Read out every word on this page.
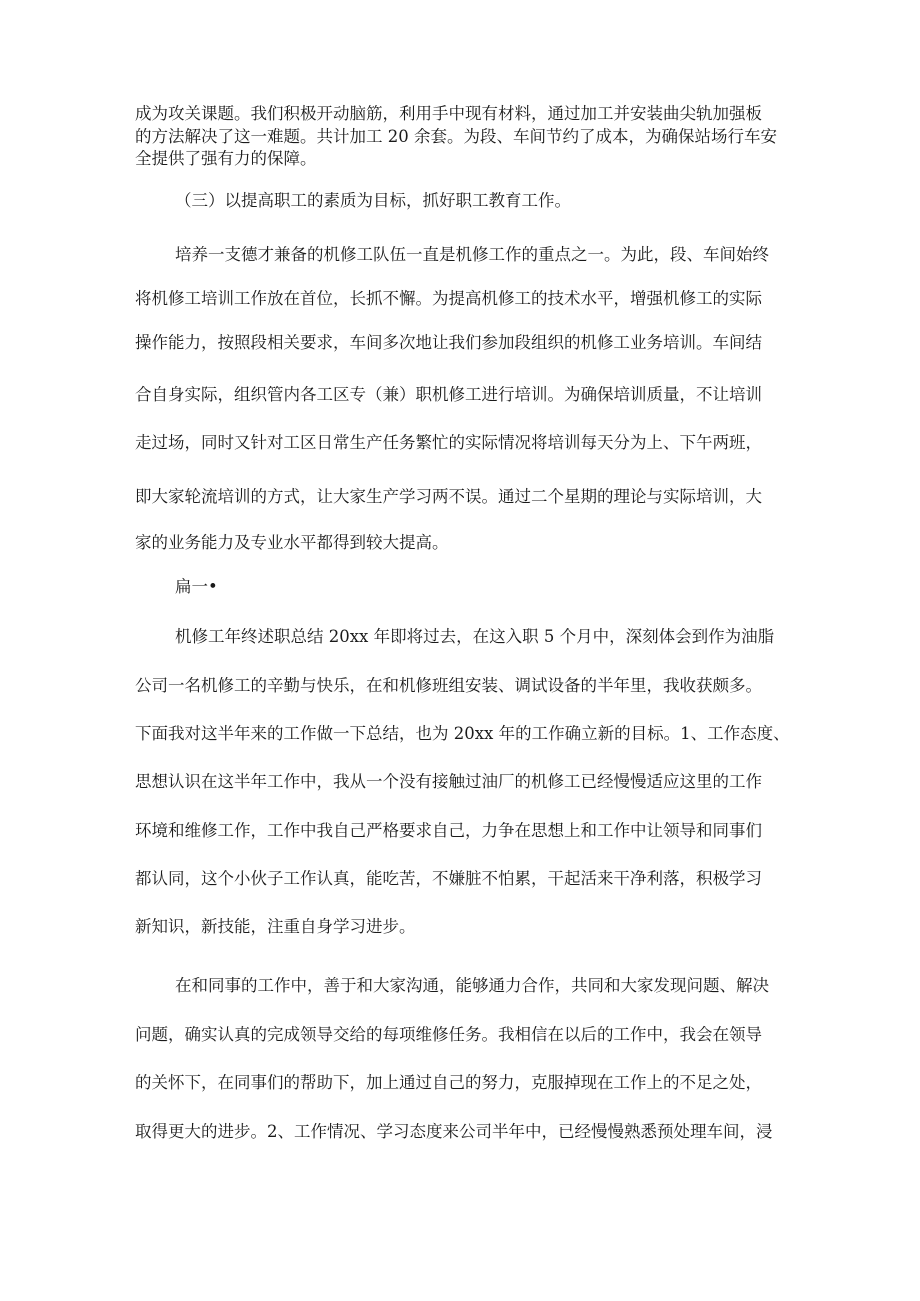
成为攻关课题。我们积极开动脑筋，利用手中现有材料，通过加工并安装曲尖轨加强板
的方法解决了这一难题。共计加工 20 余套。为段、车间节约了成本，为确保站场行车安
全提供了强有力的保障。
（三）以提高职工的素质为目标，抓好职工教育工作。
培养一支德才兼备的机修工队伍一直是机修工作的重点之一。为此，段、车间始终
将机修工培训工作放在首位，长抓不懈。为提高机修工的技术水平，增强机修工的实际
操作能力，按照段相关要求，车间多次地让我们参加段组织的机修工业务培训。车间结
合自身实际，组织管内各工区专（兼）职机修工进行培训。为确保培训质量，不让培训
走过场，同时又针对工区日常生产任务繁忙的实际情况将培训每天分为上、下午两班，
即大家轮流培训的方式，让大家生产学习两不误。通过二个星期的理论与实际培训，大
家的业务能力及专业水平都得到较大提高。
扁一•
机修工年终述职总结 20xx 年即将过去，在这入职 5 个月中，深刻体会到作为油脂
公司一名机修工的辛勤与快乐，在和机修班组安装、调试设备的半年里，我收获颇多。
下面我对这半年来的工作做一下总结，也为 20xx 年的工作确立新的目标。1、工作态度、
思想认识在这半年工作中，我从一个没有接触过油厂的机修工已经慢慢适应这里的工作
环境和维修工作，工作中我自己严格要求自己，力争在思想上和工作中让领导和同事们
都认同，这个小伙子工作认真，能吃苦，不嫌脏不怕累，干起活来干净利落，积极学习
新知识，新技能，注重自身学习进步。
在和同事的工作中，善于和大家沟通，能够通力合作，共同和大家发现问题、解决
问题，确实认真的完成领导交给的每项维修任务。我相信在以后的工作中，我会在领导
的关怀下，在同事们的帮助下，加上通过自己的努力，克服掉现在工作上的不足之处，
取得更大的进步。2、工作情况、学习态度来公司半年中，已经慢慢熟悉预处理车间，浸
